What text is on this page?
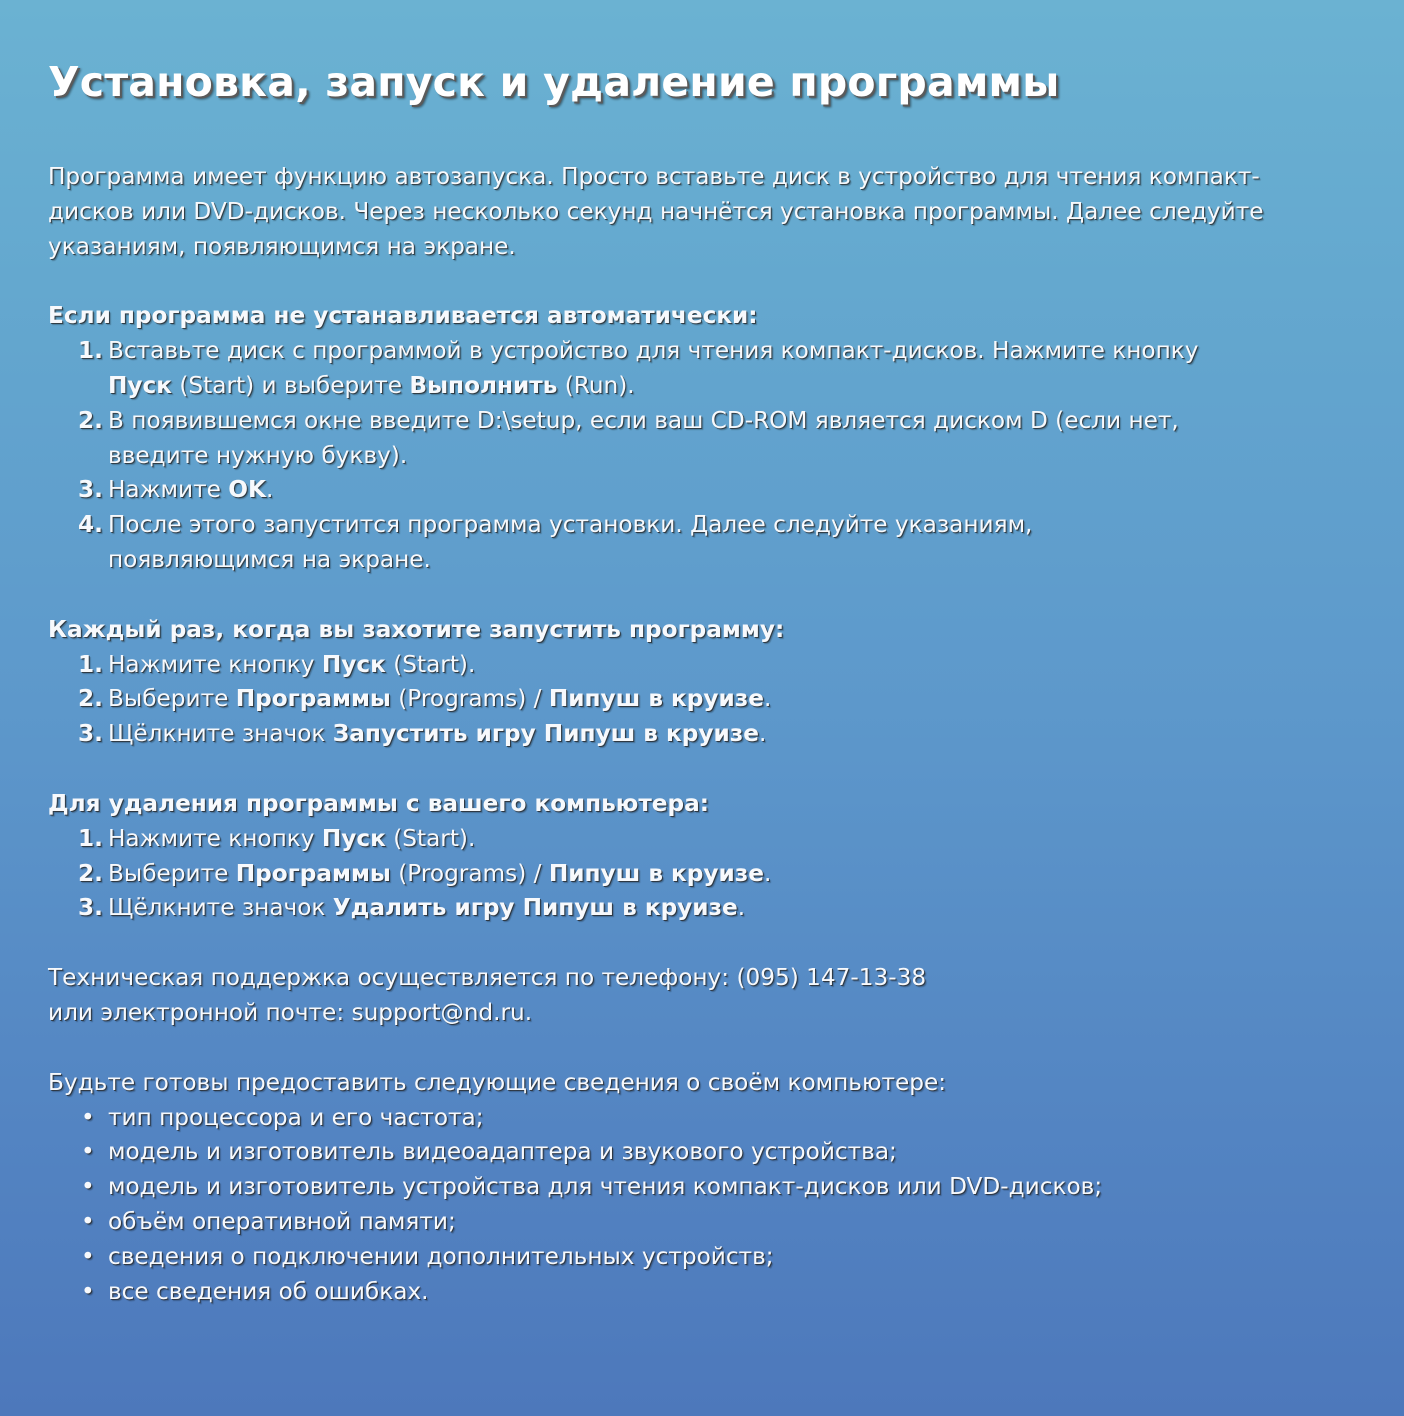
Установка, запуск и удаление программы

Программа имеет функцию автозапуска. Просто вставьте диск в устройство для чтения компакт-
дисков или DVD-дисков. Через несколько секунд начнётся установка программы. Далее следуйте
указаниям, появляющимся на экране.

Если программа не устанавливается автоматически:
1. Вставьте диск с программой в устройство для чтения компакт-дисков. Нажмите кнопку
Пуск (Start) и выберите Выполнить (Run).
2. В появившемся окне введите D:\setup, если ваш CD-ROM является диском D (если нет,
введите нужную букву).
3. Нажмите OK.
4. После этого запустится программа установки. Далее следуйте указаниям,
появляющимся на экране.
Каждый раз, когда вы захотите запустить программу:
1. Нажмите кнопку Пуск (Start).
2. Выберите Программы (Programs) / Пипуш в круизе.
3. Щёлкните значок Запустить игру Пипуш в круизе.
Для удаления программы с вашего компьютера:
1. Нажмите кнопку Пуск (Start).
2. Выберите Программы (Programs) / Пипуш в круизе.
3. Щёлкните значок Удалить игру Пипуш в круизе.

Техническая поддержка осуществляется по телефону: (095) 147-13-38
или электронной почте: support@nd.ru.

Будьте готовы предоставить следующие сведения о своём компьютере:
• тип процессора и его частота;
• модель и изготовитель видеоадаптера и звукового устройства;
• модель и изготовитель устройства для чтения компакт-дисков или DVD-дисков;
• объём оперативной памяти;
• сведения о подключении дополнительных устройств;
• все сведения об ошибках.
